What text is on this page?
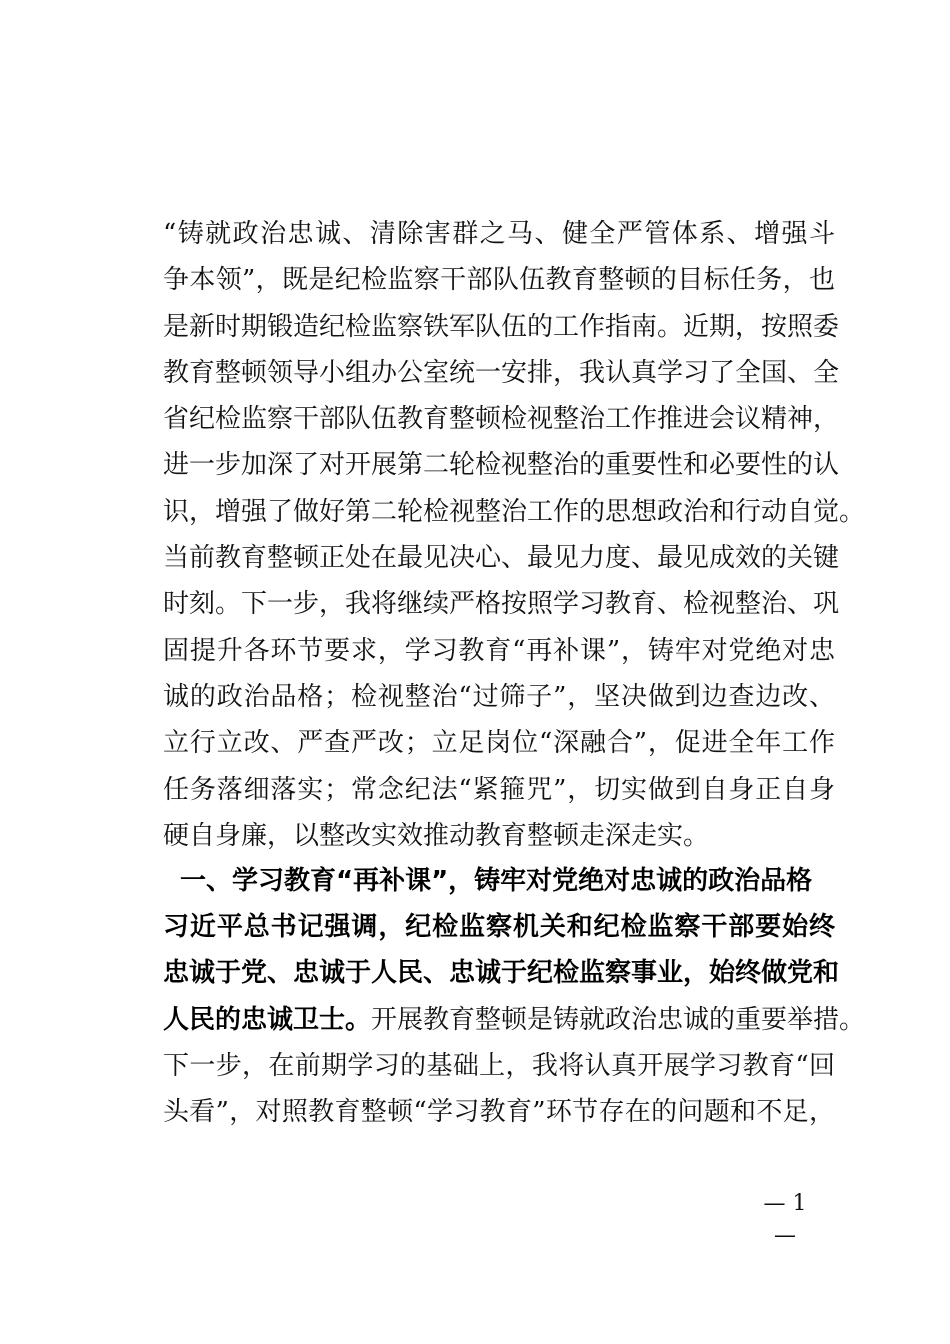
“铸就政治忠诚、清除害群之马、健全严管体系、增强斗
争本领”，既是纪检监察干部队伍教育整顿的目标任务，也
是新时期锻造纪检监察铁军队伍的工作指南。近期，按照委
教育整顿领导小组办公室统一安排，我认真学习了全国、全
省纪检监察干部队伍教育整顿检视整治工作推进会议精神，
进一步加深了对开展第二轮检视整治的重要性和必要性的认
识，增强了做好第二轮检视整治工作的思想政治和行动自觉。
当前教育整顿正处在最见决心、最见力度、最见成效的关键
时刻。下一步，我将继续严格按照学习教育、检视整治、巩
固提升各环节要求，学习教育“再补课”，铸牢对党绝对忠
诚的政治品格；检视整治“过筛子”，坚决做到边查边改、
立行立改、严查严改；立足岗位“深融合”，促进全年工作
任务落细落实；常念纪法“紧箍咒”，切实做到自身正自身
硬自身廉，以整改实效推动教育整顿走深走实。
一、学习教育“再补课”，铸牢对党绝对忠诚的政治品格
习近平总书记强调，纪检监察机关和纪检监察干部要始终
忠诚于党、忠诚于人民、忠诚于纪检监察事业，始终做党和
人民的忠诚卫士。开展教育整顿是铸就政治忠诚的重要举措。
下一步，在前期学习的基础上，我将认真开展学习教育“回
头看”，对照教育整顿“学习教育”环节存在的问题和不足，
— 1 —
